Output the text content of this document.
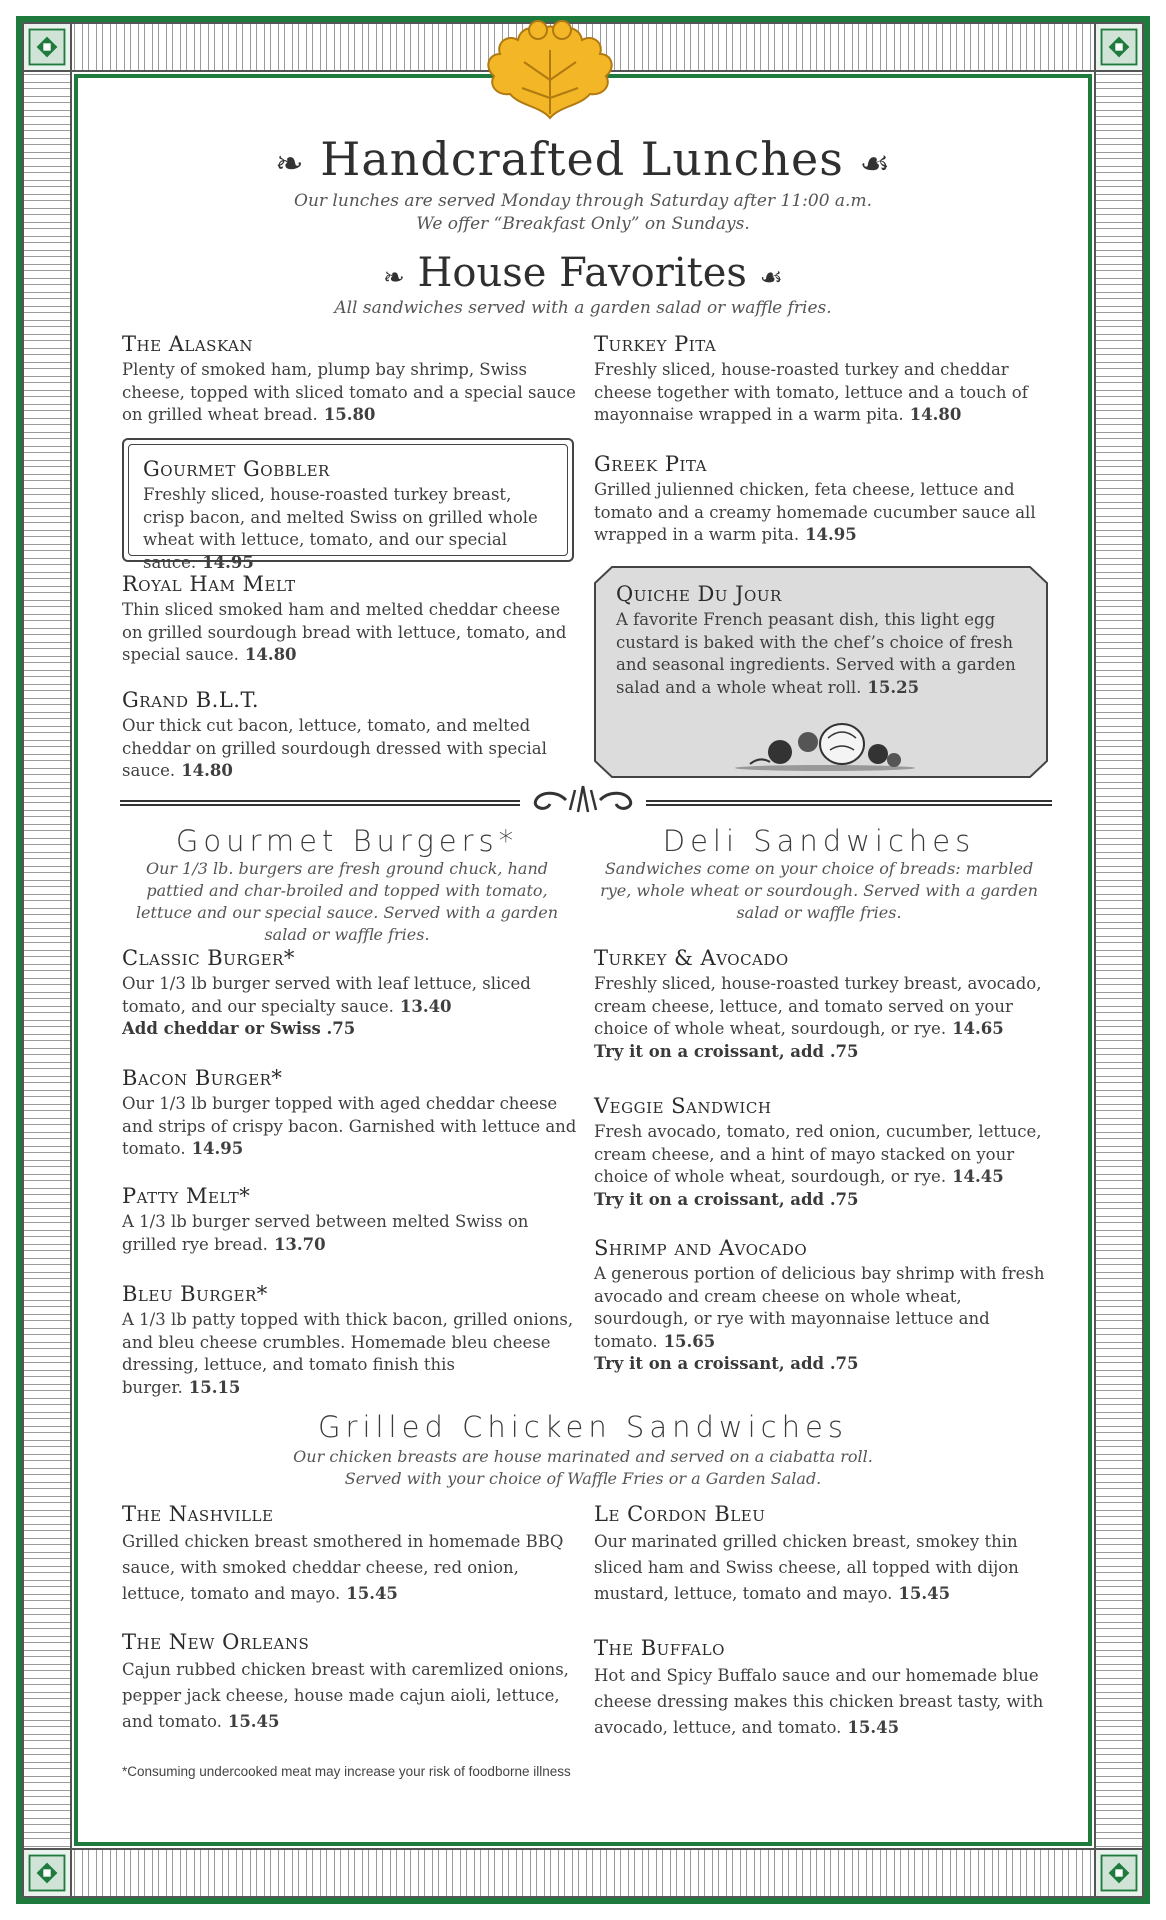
❧ Handcrafted Lunches ☙
Our lunches are served Monday through Saturday after 11:00 a.m.
We offer “Breakfast Only” on Sundays.
❧ House Favorites ☙
All sandwiches served with a garden salad or waffle fries.
The Alaskan
Plenty of smoked ham, plump bay shrimp, Swiss cheese, topped with sliced tomato and a special sauce on grilled wheat bread. 15.80
Gourmet Gobbler
Freshly sliced, house-roasted turkey breast, crisp bacon, and melted Swiss on grilled whole wheat with lettuce, tomato, and our special sauce. 14.95
Royal Ham Melt
Thin sliced smoked ham and melted cheddar cheese on grilled sourdough bread with lettuce, tomato, and special sauce. 14.80
Grand B.L.T.
Our thick cut bacon, lettuce, tomato, and melted cheddar on grilled sourdough dressed with special sauce. 14.80
Turkey Pita
Freshly sliced, house-roasted turkey and cheddar cheese together with tomato, lettuce and a touch of mayonnaise wrapped in a warm pita. 14.80
Greek Pita
Grilled julienned chicken, feta cheese, lettuce and tomato and a creamy homemade cucumber sauce all wrapped in a warm pita. 14.95
Quiche Du Jour
A favorite French peasant dish, this light egg custard is baked with the chef’s choice of fresh and seasonal ingredients. Served with a garden salad and a whole wheat roll. 15.25
Gourmet Burgers*
Our 1/3 lb. burgers are fresh ground chuck, hand pattied and char-broiled and topped with tomato, lettuce and our special sauce. Served with a garden salad or waffle fries.
Deli Sandwiches
Sandwiches come on your choice of breads: marbled rye, whole wheat or sourdough. Served with a garden salad or waffle fries.
Classic Burger*
Our 1/3 lb burger served with leaf lettuce, sliced tomato, and our specialty sauce. 13.40
Add cheddar or Swiss .75
Bacon Burger*
Our 1/3 lb burger topped with aged cheddar cheese and strips of crispy bacon. Garnished with lettuce and tomato. 14.95
Patty Melt*
A 1/3 lb burger served between melted Swiss on grilled rye bread. 13.70
Bleu Burger*
A 1/3 lb patty topped with thick bacon, grilled onions, and bleu cheese crumbles. Homemade bleu cheese dressing, lettuce, and tomato finish this burger. 15.15
Turkey & Avocado
Freshly sliced, house-roasted turkey breast, avocado, cream cheese, lettuce, and tomato served on your choice of whole wheat, sourdough, or rye. 14.65
Try it on a croissant, add .75
Veggie Sandwich
Fresh avocado, tomato, red onion, cucumber, lettuce, cream cheese, and a hint of mayo stacked on your choice of whole wheat, sourdough, or rye. 14.45
Try it on a croissant, add .75
Shrimp and Avocado
A generous portion of delicious bay shrimp with fresh avocado and cream cheese on whole wheat, sourdough, or rye with mayonnaise lettuce and tomato. 15.65
Try it on a croissant, add .75
Grilled Chicken Sandwiches
Our chicken breasts are house marinated and served on a ciabatta roll.
Served with your choice of Waffle Fries or a Garden Salad.
The Nashville
Grilled chicken breast smothered in homemade BBQ sauce, with smoked cheddar cheese, red onion, lettuce, tomato and mayo. 15.45
The New Orleans
Cajun rubbed chicken breast with caremlized onions, pepper jack cheese, house made cajun aioli, lettuce, and tomato. 15.45
Le Cordon Bleu
Our marinated grilled chicken breast, smokey thin sliced ham and Swiss cheese, all topped with dijon mustard, lettuce, tomato and mayo. 15.45
The Buffalo
Hot and Spicy Buffalo sauce and our homemade blue cheese dressing makes this chicken breast tasty, with avocado, lettuce, and tomato. 15.45
*Consuming undercooked meat may increase your risk of foodborne illness
